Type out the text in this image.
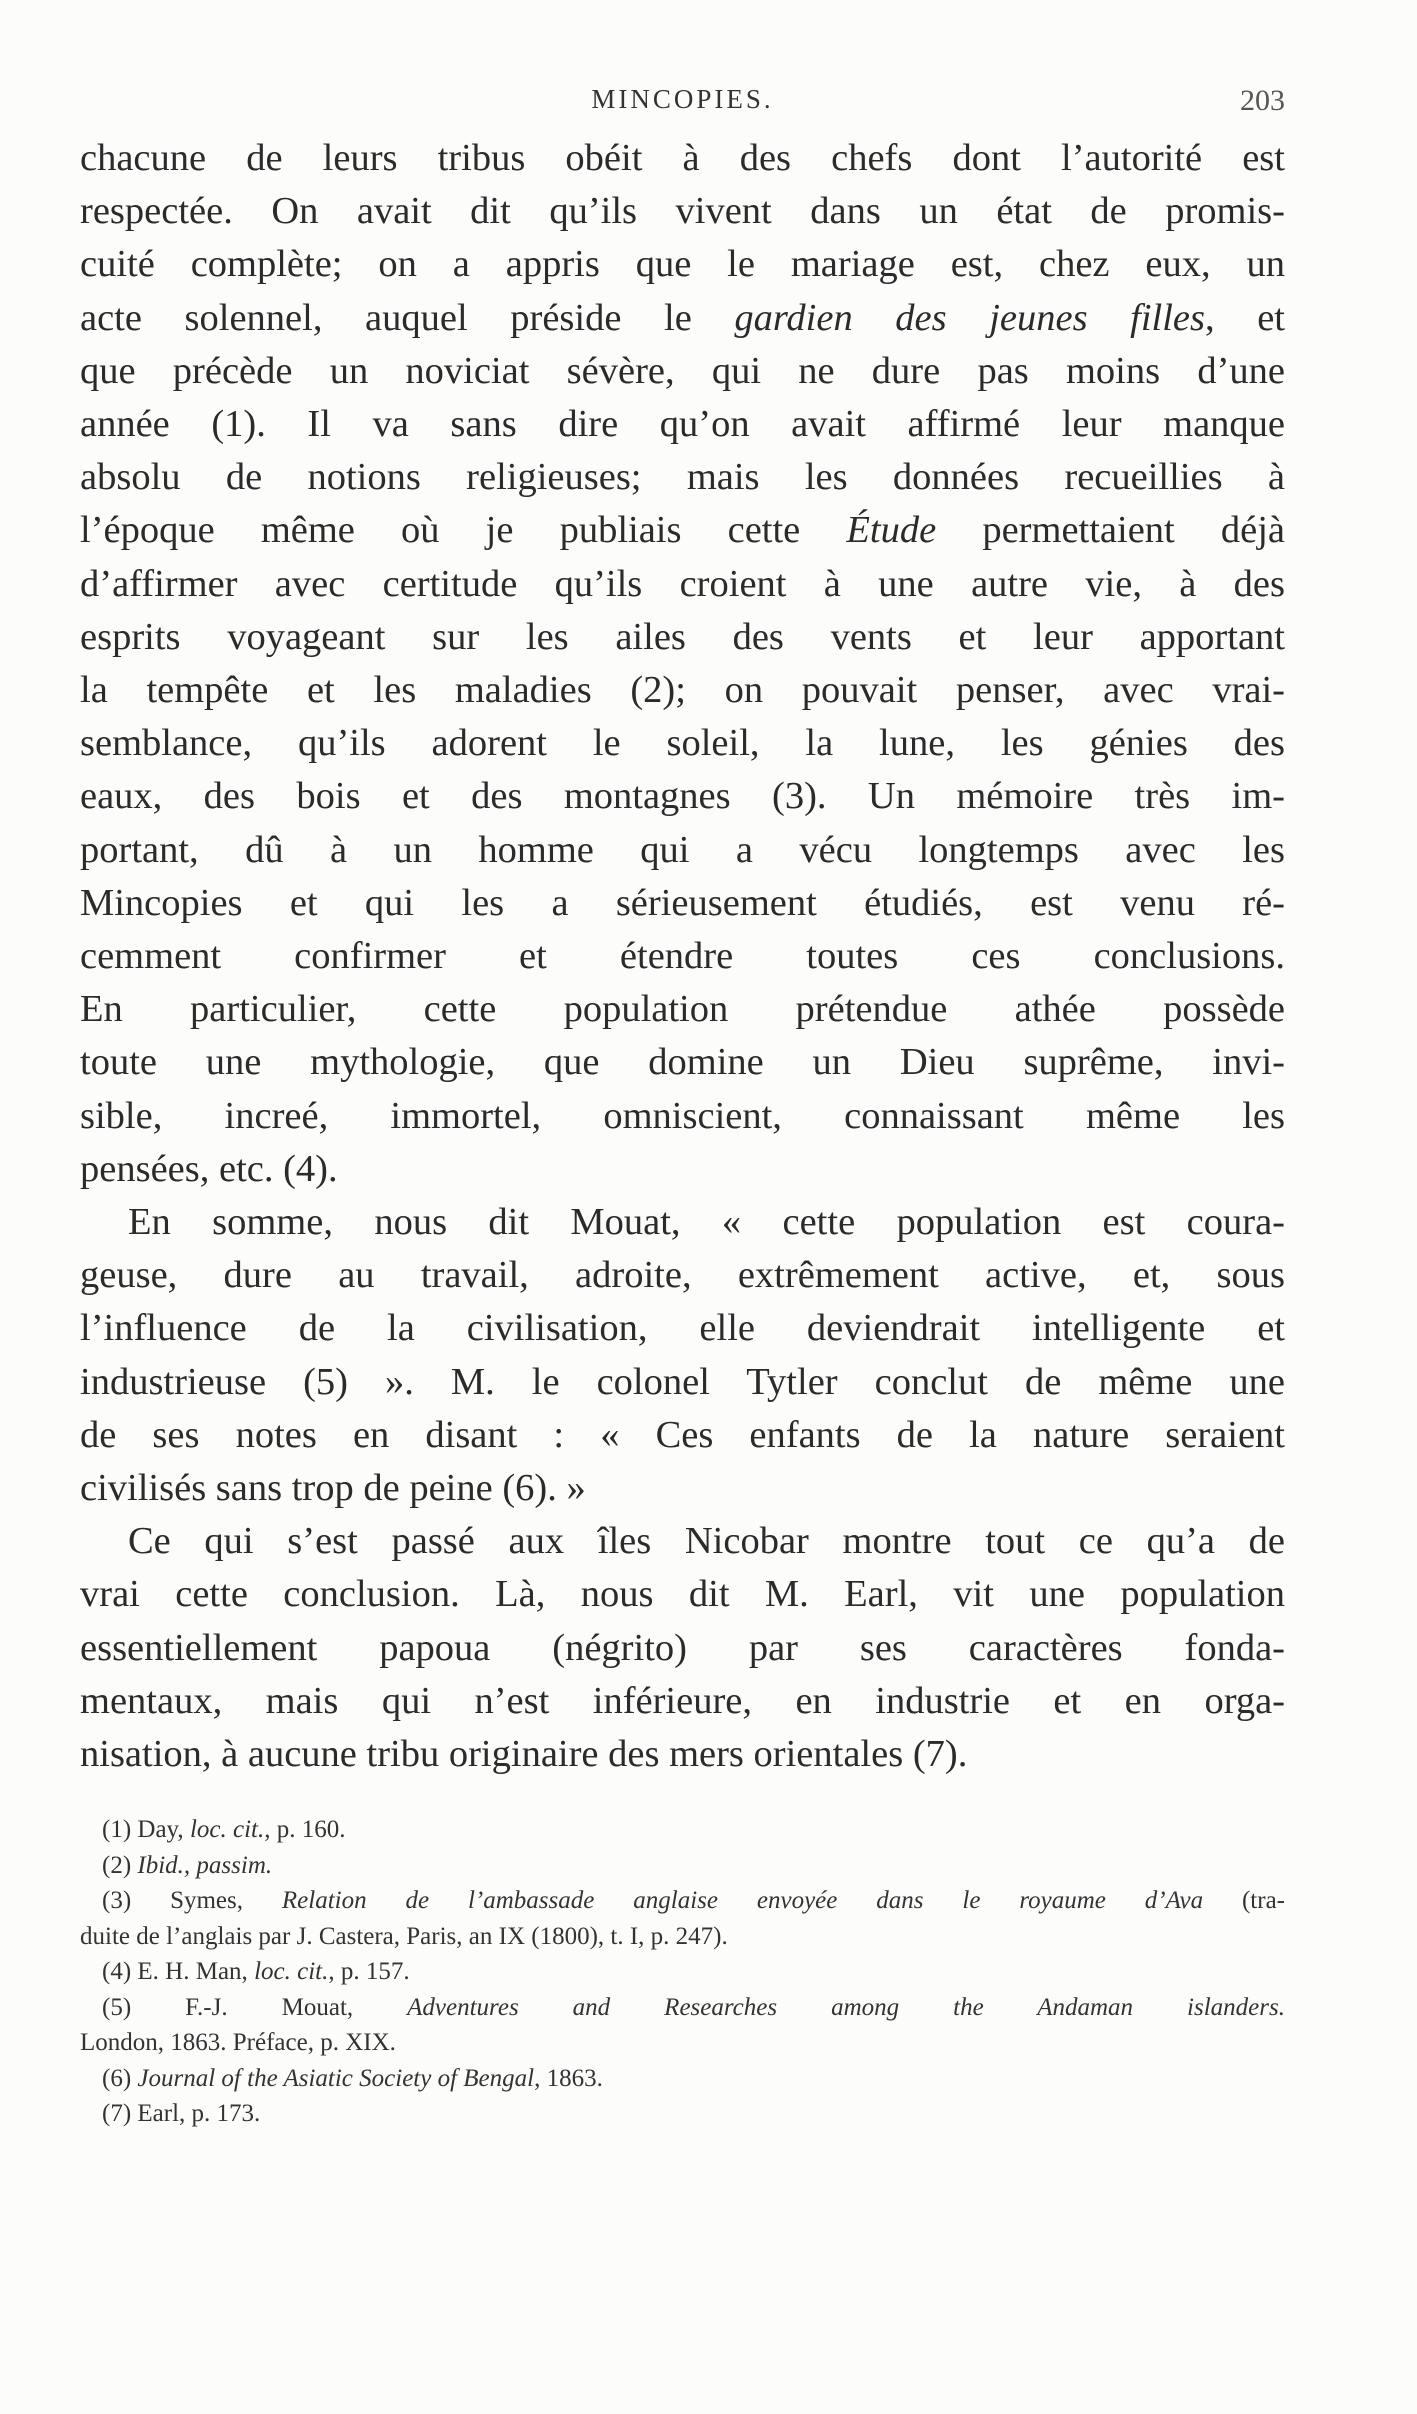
MINCOPIES.	203
chacune de leurs tribus obéit à des chefs dont l’autorité est
respectée. On avait dit qu’ils vivent dans un état de promis-
cuité complète; on a appris que le mariage est, chez eux, un
acte solennel, auquel préside le gardien des jeunes filles, et
que précède un noviciat sévère, qui ne dure pas moins d’une
année (1). Il va sans dire qu’on avait affirmé leur manque
absolu de notions religieuses; mais les données recueillies à
l’époque même où je publiais cette Étude permettaient déjà
d’affirmer avec certitude qu’ils croient à une autre vie, à des
esprits voyageant sur les ailes des vents et leur apportant
la tempête et les maladies (2); on pouvait penser, avec vrai-
semblance, qu’ils adorent le soleil, la lune, les génies des
eaux, des bois et des montagnes (3). Un mémoire très im-
portant, dû à un homme qui a vécu longtemps avec les
Mincopies et qui les a sérieusement étudiés, est venu ré-
cemment confirmer et étendre toutes ces conclusions.
En particulier, cette population prétendue athée possède
toute une mythologie, que domine un Dieu suprême, invi-
sible, increé, immortel, omniscient, connaissant même les
pensées, etc. (4).
En somme, nous dit Mouat, « cette population est coura-
geuse, dure au travail, adroite, extrêmement active, et, sous
l’influence de la civilisation, elle deviendrait intelligente et
industrieuse (5) ». M. le colonel Tytler conclut de même une
de ses notes en disant : « Ces enfants de la nature seraient
civilisés sans trop de peine (6). »
Ce qui s’est passé aux îles Nicobar montre tout ce qu’a de
vrai cette conclusion. Là, nous dit M. Earl, vit une population
essentiellement papoua (négrito) par ses caractères fonda-
mentaux, mais qui n’est inférieure, en industrie et en orga-
nisation, à aucune tribu originaire des mers orientales (7).
(1) Day, loc. cit., p. 160.
(2) Ibid., passim.
(3) Symes, Relation de l’ambassade anglaise envoyée dans le royaume d’Ava (tra-
duite de l’anglais par J. Castera, Paris, an IX (1800), t. I, p. 247).
(4) E. H. Man, loc. cit., p. 157.
(5) F.-J. Mouat, Adventures and Researches among the Andaman islanders.
London, 1863. Préface, p. XIX.
(6) Journal of the Asiatic Society of Bengal, 1863.
(7) Earl, p. 173.
